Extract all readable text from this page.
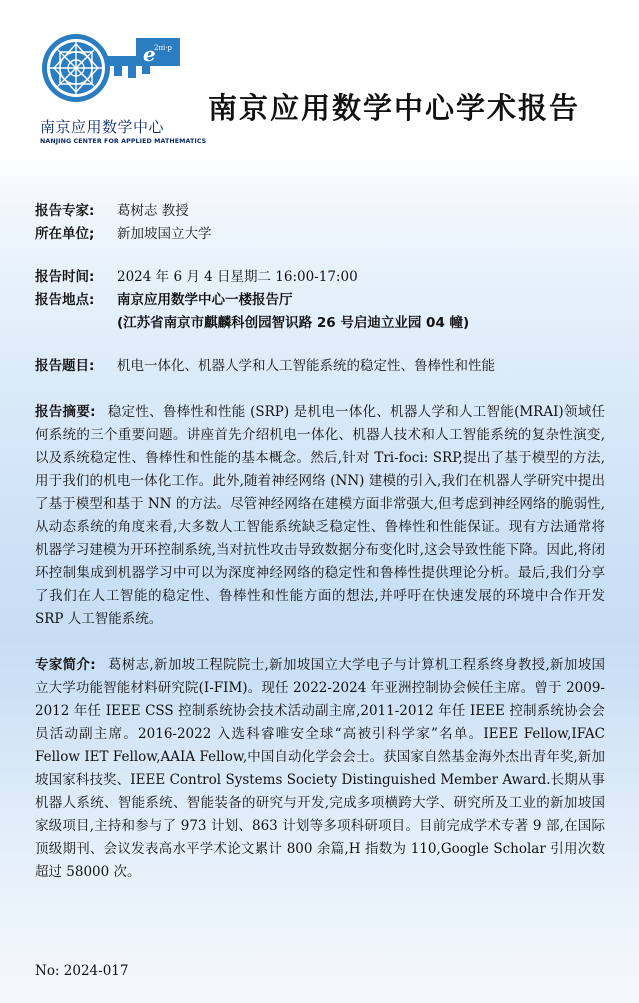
e
2πi·p
南京应用数学中心
NANJING CENTER FOR APPLIED MATHEMATICS
南京应用数学中心学术报告
报告专家:	葛树志 教授
所在单位;	新加坡国立大学
报告时间:	2024 年 6 月 4 日星期二 16:00-17:00
报告地点:	南京应用数学中心一楼报告厅
(江苏省南京市麒麟科创园智识路 26 号启迪立业园 04 幢)
报告题目:	机电一体化、机器人学和人工智能系统的稳定性、鲁棒性和性能
报告摘要: 稳定性、鲁棒性和性能 (SRP) 是机电一体化、机器人学和人工智能(MRAI)领域任何系统的三个重要问题。讲座首先介绍机电一体化、机器人技术和人工智能系统的复杂性演变,以及系统稳定性、鲁棒性和性能的基本概念。然后,针对 Tri-foci: SRP,提出了基于模型的方法,用于我们的机电一体化工作。此外,随着神经网络 (NN) 建模的引入,我们在机器人学研究中提出了基于模型和基于 NN 的方法。尽管神经网络在建模方面非常强大,但考虑到神经网络的脆弱性,从动态系统的角度来看,大多数人工智能系统缺乏稳定性、鲁棒性和性能保证。现有方法通常将机器学习建模为开环控制系统,当对抗性攻击导致数据分布变化时,这会导致性能下降。因此,将闭环控制集成到机器学习中可以为深度神经网络的稳定性和鲁棒性提供理论分析。最后,我们分享了我们在人工智能的稳定性、鲁棒性和性能方面的想法,并呼吁在快速发展的环境中合作开发 SRP 人工智能系统。
专家简介: 葛树志,新加坡工程院院士,新加坡国立大学电子与计算机工程系终身教授,新加坡国立大学功能智能材料研究院(I-FIM)。现任 2022-2024 年亚洲控制协会候任主席。曾于 2009-2012 年任 IEEE CSS 控制系统协会技术活动副主席,2011-2012 年任 IEEE 控制系统协会会员活动副主席。2016-2022 入选科睿唯安全球“高被引科学家”名单。IEEE Fellow,IFAC Fellow IET Fellow,AAIA Fellow,中国自动化学会会士。获国家自然基金海外杰出青年奖,新加坡国家科技奖、IEEE Control Systems Society Distinguished Member Award.长期从事机器人系统、智能系统、智能装备的研究与开发,完成多项横跨大学、研究所及工业的新加坡国家级项目,主持和参与了 973 计划、863 计划等多项科研项目。目前完成学术专著 9 部,在国际顶级期刊、会议发表高水平学术论文累计 800 余篇,H 指数为 110,Google Scholar 引用次数超过 58000 次。
No: 2024-017
